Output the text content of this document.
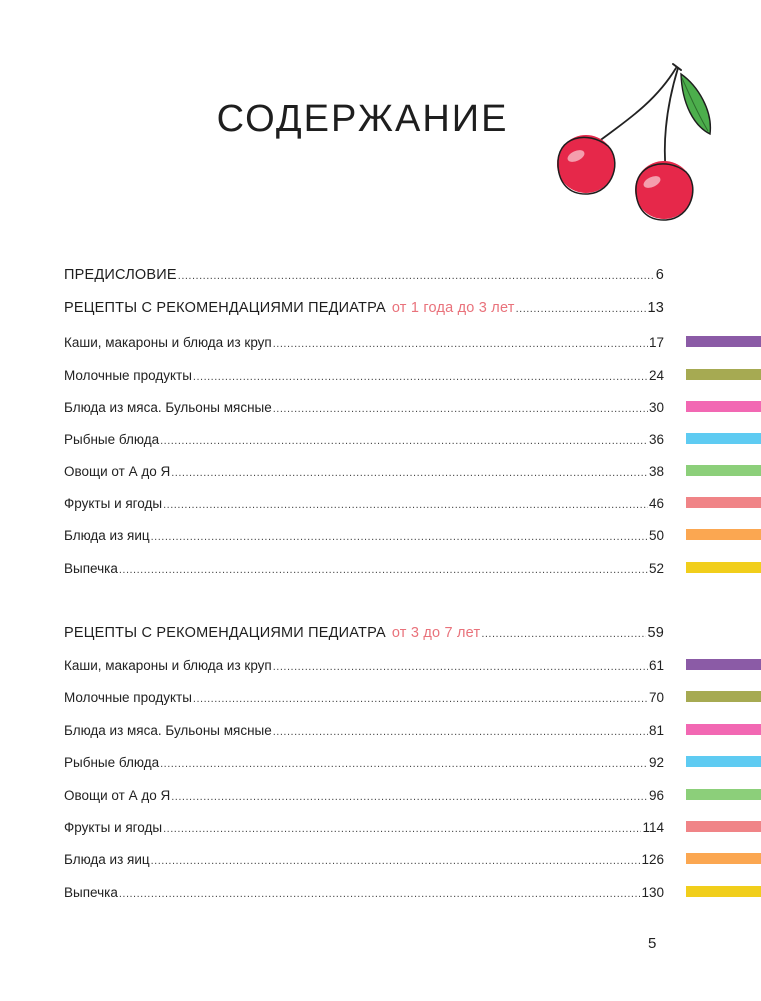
СОДЕРЖАНИЕ
ПРЕДИСЛОВИЕ .....	6
РЕЦЕПТЫ С РЕКОМЕНДАЦИЯМИ ПЕДИАТРА от 1 года до 3 лет .....	13
Каши, макароны и блюда из круп .....	17
Молочные продукты .....	24
Блюда из мяса. Бульоны мясные .....	30
Рыбные блюда .....	36
Овощи от А до Я .....	38
Фрукты и ягоды .....	46
Блюда из яиц .....	50
Выпечка .....	52
РЕЦЕПТЫ С РЕКОМЕНДАЦИЯМИ ПЕДИАТРА от 3 до 7 лет .....	59
Каши, макароны и блюда из круп .....	61
Молочные продукты .....	70
Блюда из мяса. Бульоны мясные .....	81
Рыбные блюда .....	92
Овощи от А до Я .....	96
Фрукты и ягоды .....	114
Блюда из яиц .....	126
Выпечка .....	130
5
